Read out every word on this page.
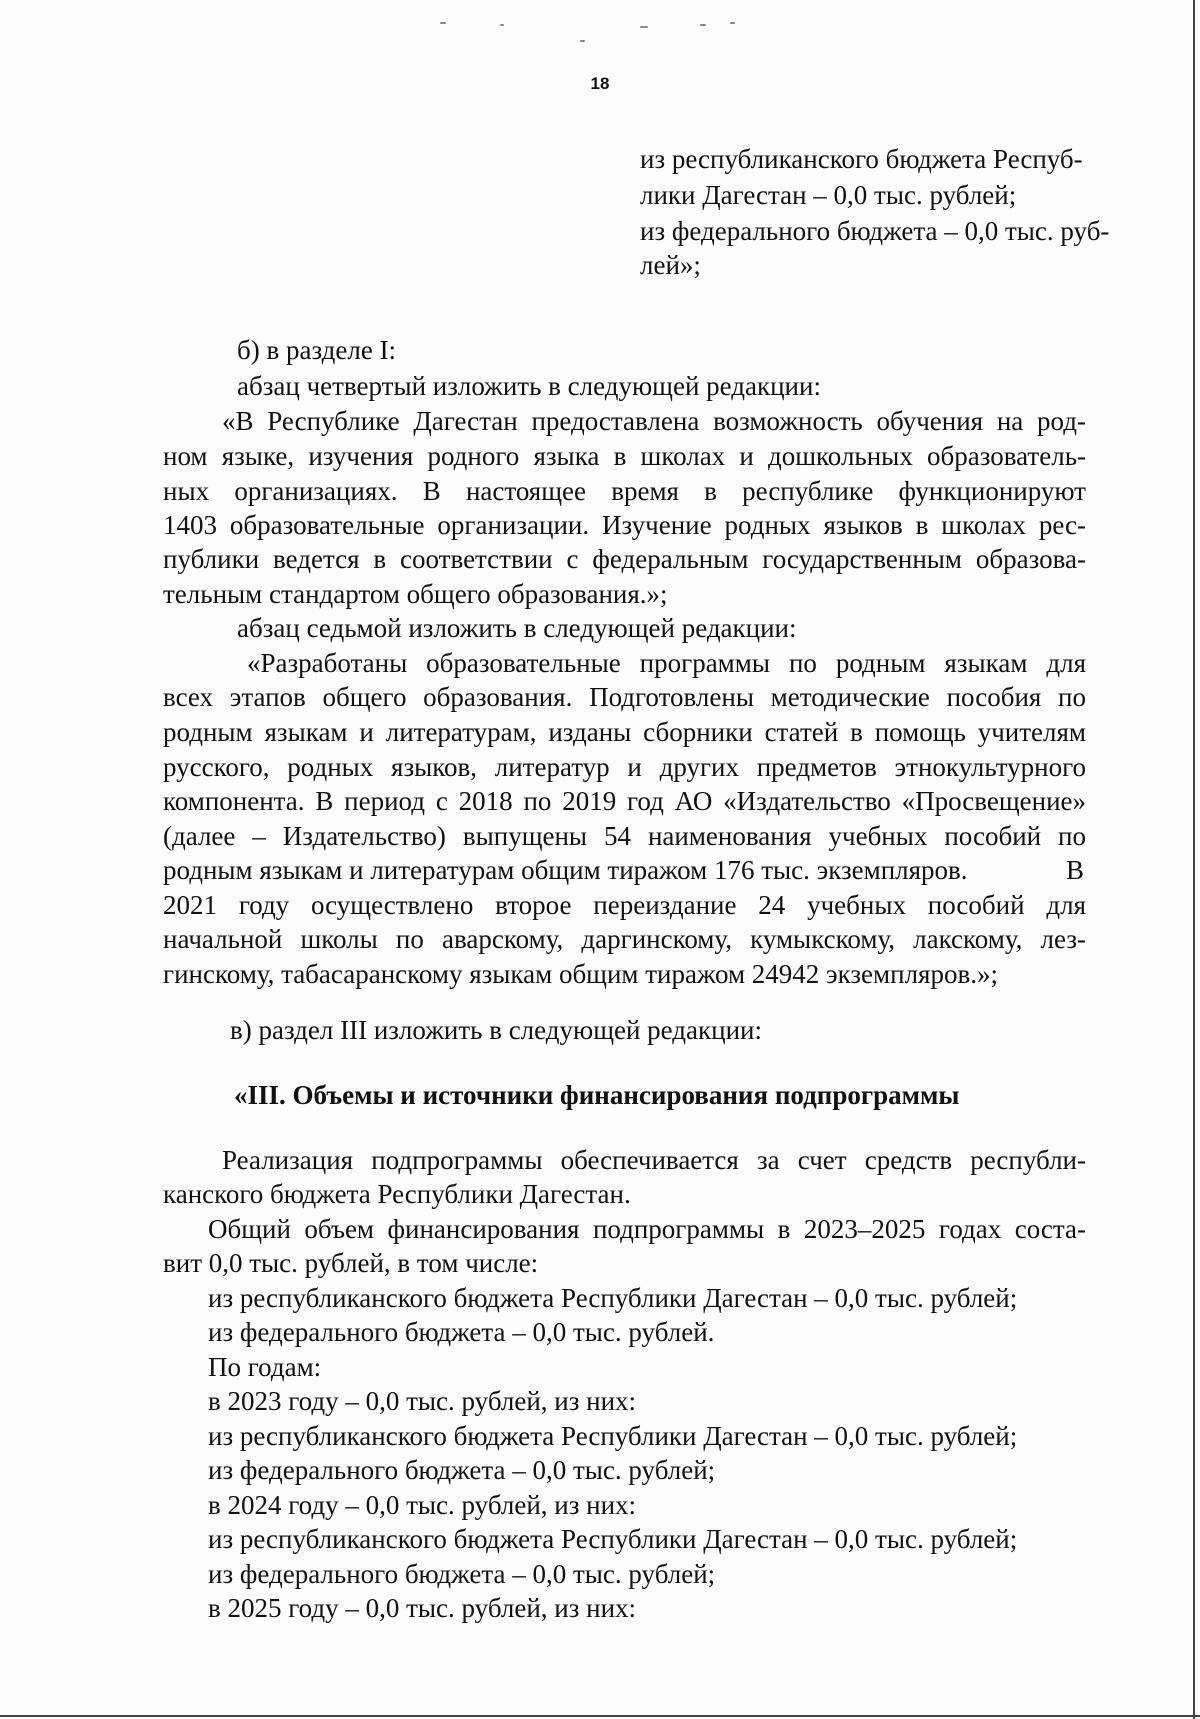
18
из республиканского бюджета Респуб-
лики Дагестан – 0,0 тыс. рублей;
из федерального бюджета – 0,0 тыс. руб-
лей»;
б) в разделе I:
абзац четвертый изложить в следующей редакции:
«В Республике Дагестан предоставлена возможность обучения на род-
ном языке, изучения родного языка в школах и дошкольных образователь-
ных организациях. В настоящее время в республике функционируют
1403 образовательные организации. Изучение родных языков в школах рес-
публики ведется в соответствии с федеральным государственным образова-
тельным стандартом общего образования.»;
абзац седьмой изложить в следующей редакции:
«Разработаны образовательные программы по родным языкам для
всех этапов общего образования. Подготовлены методические пособия по
родным языкам и литературам, изданы сборники статей в помощь учителям
русского, родных языков, литератур и других предметов этнокультурного
компонента. В период с 2018 по 2019 год АО «Издательство «Просвещение»
(далее – Издательство) выпущены 54 наименования учебных пособий по
родным языкам и литературам общим тиражом 176 тыс. экземпляров.	В
2021 году осуществлено второе переиздание 24 учебных пособий для
начальной школы по аварскому, даргинскому, кумыкскому, лакскому, лез-
гинскому, табасаранскому языкам общим тиражом 24942 экземпляров.»;
в) раздел III изложить в следующей редакции:
«III. Объемы и источники финансирования подпрограммы
Реализация подпрограммы обеспечивается за счет средств республи-
канского бюджета Республики Дагестан.
Общий объем финансирования подпрограммы в 2023–2025 годах соста-
вит 0,0 тыс. рублей, в том числе:
из республиканского бюджета Республики Дагестан – 0,0 тыс. рублей;
из федерального бюджета – 0,0 тыс. рублей.
По годам:
в 2023 году – 0,0 тыс. рублей, из них:
из республиканского бюджета Республики Дагестан – 0,0 тыс. рублей;
из федерального бюджета – 0,0 тыс. рублей;
в 2024 году – 0,0 тыс. рублей, из них:
из республиканского бюджета Республики Дагестан – 0,0 тыс. рублей;
из федерального бюджета – 0,0 тыс. рублей;
в 2025 году – 0,0 тыс. рублей, из них:
